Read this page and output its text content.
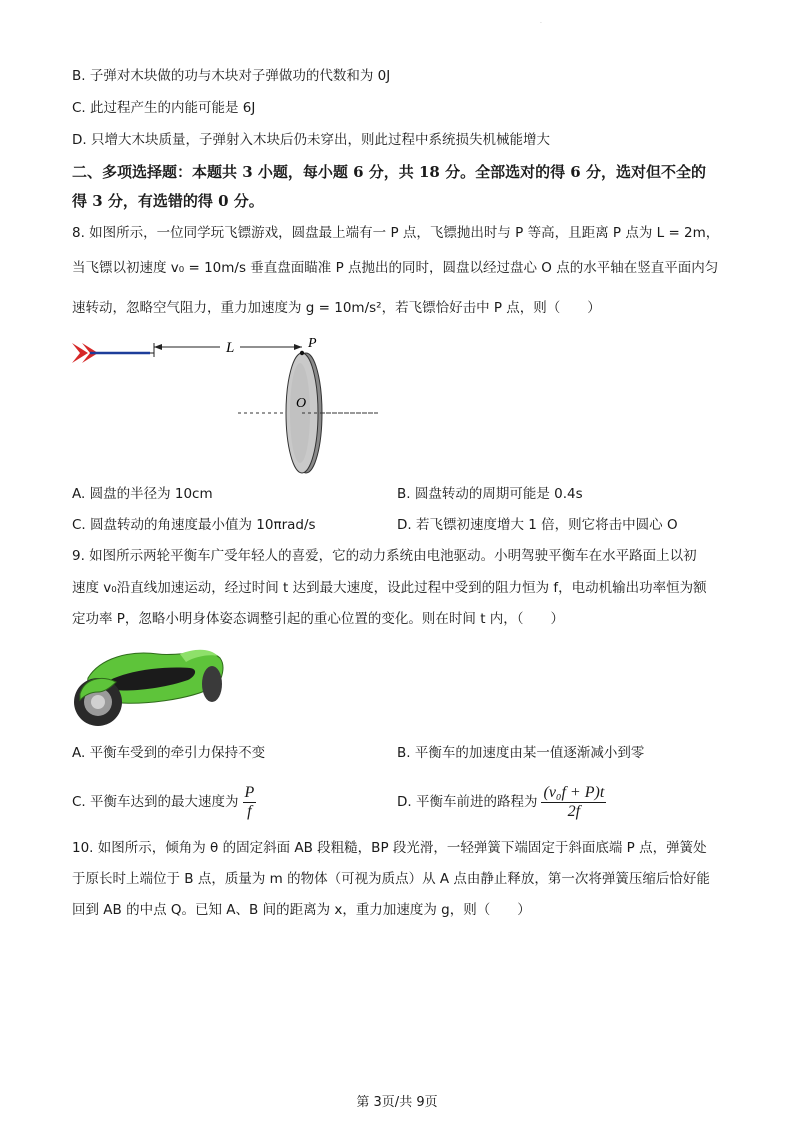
.
B. 子弹对木块做的功与木块对子弹做功的代数和为 0J
C. 此过程产生的内能可能是 6J
D. 只增大木块质量，子弹射入木块后仍未穿出，则此过程中系统损失机械能增大
二、多项选择题：本题共 3 小题，每小题 6 分，共 18 分。全部选对的得 6 分，选对但不全的
得 3 分，有选错的得 0 分。
8. 如图所示，一位同学玩飞镖游戏，圆盘最上端有一 P 点，飞镖抛出时与 P 等高，且距离 P 点为 L = 2m，
当飞镖以初速度 v₀ = 10m/s 垂直盘面瞄准 P 点抛出的同时，圆盘以经过盘心 O 点的水平轴在竖直平面内匀
速转动，忽略空气阻力，重力加速度为 g = 10m/s²，若飞镖恰好击中 P 点，则（　　）
L	P
O
A. 圆盘的半径为 10cm	B. 圆盘转动的周期可能是 0.4s
C. 圆盘转动的角速度最小值为 10πrad/s	D. 若飞镖初速度增大 1 倍，则它将击中圆心 O
9. 如图所示两轮平衡车广受年轻人的喜爱，它的动力系统由电池驱动。小明驾驶平衡车在水平路面上以初
速度 v₀沿直线加速运动，经过时间 t 达到最大速度，设此过程中受到的阻力恒为 f，电动机输出功率恒为额
定功率 P，忽略小明身体姿态调整引起的重心位置的变化。则在时间 t 内，（　　）
A. 平衡车受到的牵引力保持不变	B. 平衡车的加速度由某一值逐渐减小到零
C. 平衡车达到的最大速度为 $\frac{P}{f}$	D. 平衡车前进的路程为 $\frac{\text{(v₀f + P)t}}{2f}$
10. 如图所示，倾角为 θ 的固定斜面 AB 段粗糙，BP 段光滑，一轻弹簧下端固定于斜面底端 P 点，弹簧处
于原长时上端位于 B 点，质量为 m 的物体（可视为质点）从 A 点由静止释放，第一次将弹簧压缩后恰好能
回到 AB 的中点 Q。已知 A、B 间的距离为 x，重力加速度为 g，则（　　）
第 3页/共 9页
